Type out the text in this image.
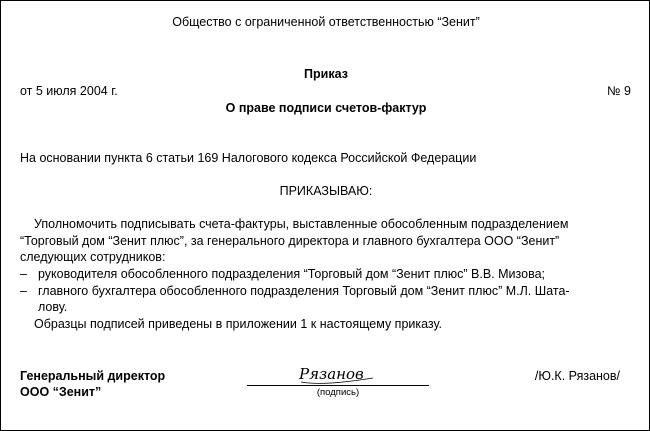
Общество с ограниченной ответственностью “Зенит”
Приказ
от 5 июля 2004 г.	№ 9
О праве подписи счетов-фактур
На основании пункта 6 статьи 169 Налогового кодекса Российской Федерации
ПРИКАЗЫВАЮ:
Уполномочить подписывать счета-фактуры, выставленные обособленным подразделением
“Торговый дом “Зенит плюс”, за генерального директора и главного бухгалтера ООО “Зенит”
следующих сотрудников:
– руководителя обособленного подразделения “Торговый дом “Зенит плюс” В.В. Мизова;
– главного бухгалтера обособленного подразделения Торговый дом “Зенит плюс” М.Л. Шата-
лову.
Образцы подписей приведены в приложении 1 к настоящему приказу.
Генеральный директор
ООО “Зенит”
Рязанов
(подпись)
/Ю.К. Рязанов/
